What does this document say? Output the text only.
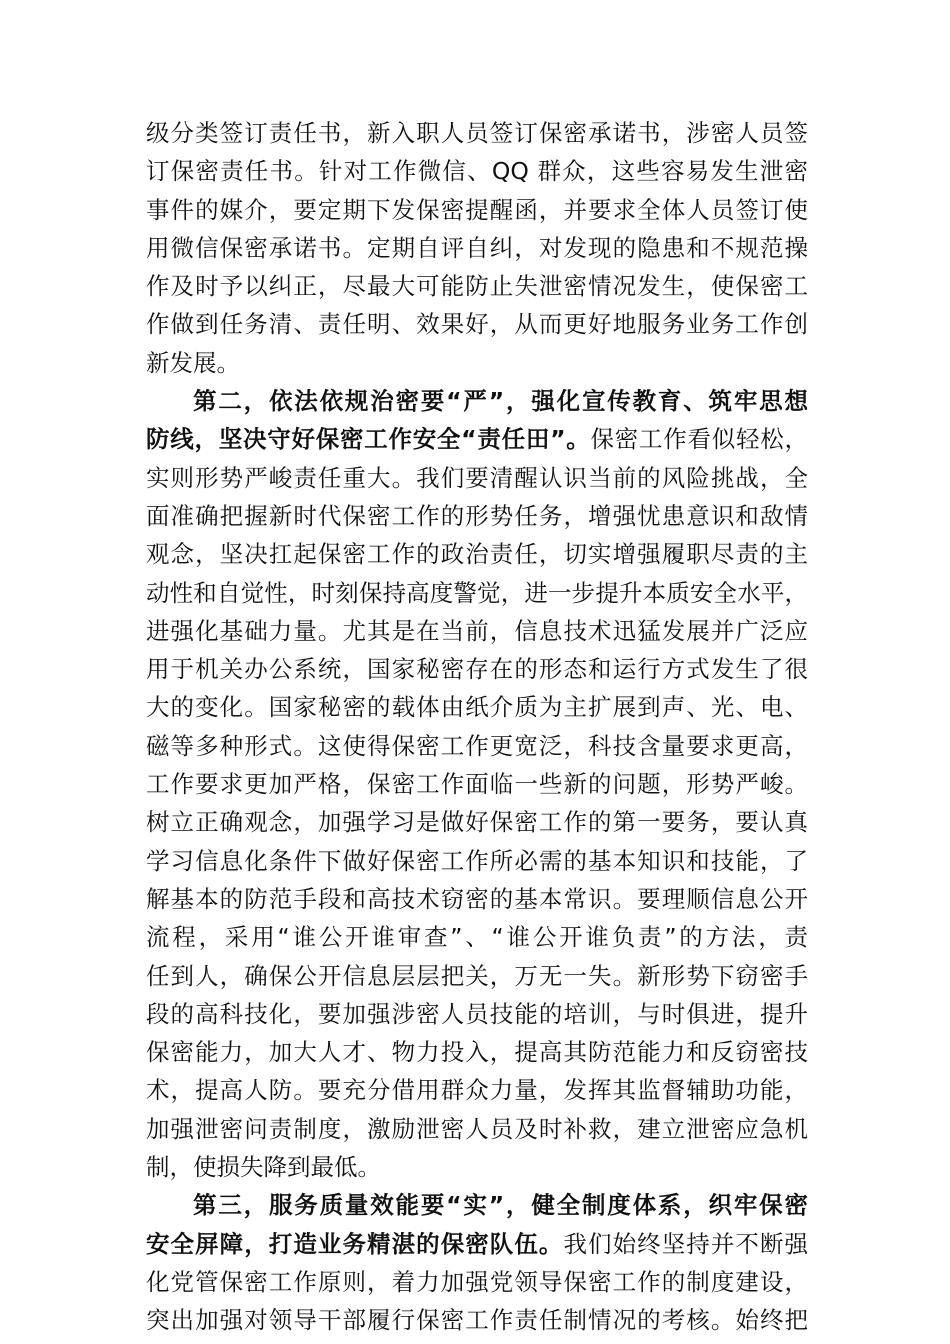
级分类签订责任书，新入职人员签订保密承诺书，涉密人员签
订保密责任书。针对工作微信、QQ 群众，这些容易发生泄密
事件的媒介，要定期下发保密提醒函，并要求全体人员签订使
用微信保密承诺书。定期自评自纠，对发现的隐患和不规范操
作及时予以纠正，尽最大可能防止失泄密情况发生，使保密工
作做到任务清、责任明、效果好，从而更好地服务业务工作创
新发展。
第二，依法依规治密要“严”，强化宣传教育、筑牢思想
防线，坚决守好保密工作安全“责任田”。保密工作看似轻松，
实则形势严峻责任重大。我们要清醒认识当前的风险挑战，全
面准确把握新时代保密工作的形势任务，增强忧患意识和敌情
观念，坚决扛起保密工作的政治责任，切实增强履职尽责的主
动性和自觉性，时刻保持高度警觉，进一步提升本质安全水平，
进强化基础力量。尤其是在当前，信息技术迅猛发展并广泛应
用于机关办公系统，国家秘密存在的形态和运行方式发生了很
大的变化。国家秘密的载体由纸介质为主扩展到声、光、电、
磁等多种形式。这使得保密工作更宽泛，科技含量要求更高，
工作要求更加严格，保密工作面临一些新的问题，形势严峻。
树立正确观念，加强学习是做好保密工作的第一要务，要认真
学习信息化条件下做好保密工作所必需的基本知识和技能，了
解基本的防范手段和高技术窃密的基本常识。要理顺信息公开
流程，采用“谁公开谁审查”、“谁公开谁负责”的方法，责
任到人，确保公开信息层层把关，万无一失。新形势下窃密手
段的高科技化，要加强涉密人员技能的培训，与时俱进，提升
保密能力，加大人才、物力投入，提高其防范能力和反窃密技
术，提高人防。要充分借用群众力量，发挥其监督辅助功能，
加强泄密问责制度，激励泄密人员及时补救，建立泄密应急机
制，使损失降到最低。
第三，服务质量效能要“实”，健全制度体系，织牢保密
安全屏障，打造业务精湛的保密队伍。我们始终坚持并不断强
化党管保密工作原则，着力加强党领导保密工作的制度建设，
突出加强对领导干部履行保密工作责任制情况的考核。始终把
